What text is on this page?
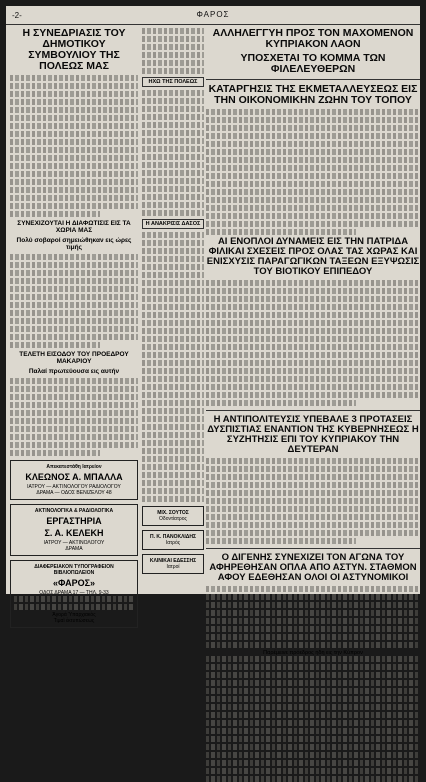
-2-	ΦΑΡΟΣ
Η ΣΥΝΕΔΡΙΑΣΙΣ ΤΟΥ ΔΗΜΟΤΙΚΟΥ ΣΥΜΒΟΥΛΙΟΥ ΤΗΣ ΠΟΛΕΩΣ ΜΑΣ
ΣΥΝΕΧΙΖΟΥΤΑΙ Η ΔΙΑΦΩΤΙΣΙΣ ΕΙΣ ΤΑ ΧΩΡΙΑ ΜΑΣ
Πολύ σοβαροί σημειώθηκαν εις ώρες τιμής
ΤΕΛΕΤΗ ΕΙΣΟΔΟΥ ΤΟΥ ΠΡΟΕΔΡΟΥ ΜΑΚΑΡΙΟΥ
Παλαί πρωτεύουσα εις αυτήν
Απεκατεστάθη Ιατρείον
ΚΛΕΩΝΟΣ Α. ΜΠΑΛΛΑ
ΙΑΤΡΟΥ — ΑΚΤΙΝΟΛΟΓΟΥ ΡΑΔΙΟΛΟΓΟΥ
ΔΡΑΜΑ — ΟΔΟΣ ΒΕΝΙΖΕΛΟΥ 48
ΑΚΤΙΝΟΛΟΓΙΚΑ & ΡΑΔΙΟΛΟΓΙΚΑ
ΕΡΓΑΣΤΗΡΙΑ
Σ. Α. ΚΕΛΕΚΗ
ΙΑΤΡΟΥ — ΑΚΤΙΝΟΛΟΓΟΥ
ΔΡΑΜΑ
ΔΙΑΦΕΡΕΙΑΚΟΝ ΤΥΠΟΓΡΑΦΕΙΟΝ ΒΙΒΛΙΟΠΩΛΕΙΟΝ
«ΦΑΡΟΣ»
ΟΔΟΣ ΔΡΑΜΑ 17 — ΤΗΛ. 9-33
Ἀγορά Ὑπαρχιακὸς
Τιμαὶ ἐκτυπώσεως
ΗΧΩ ΤΗΣ ΠΟΛΕΩΣ
Η ΑΝΑΚΡΙΣΙΣ ΔΑΣΟΣ
ΜΙΧ. ΣΟΥΤΟΣ
Οδοντίατρος
Π. Κ. ΠΑΝΟΚΛΙΔΗΣ
Ιατρός
ΚΛΙΝΙΚΑΙ ΕΔΕΣΣΗΣ
Ιατροί
ΑΛΛΗΛΕΓΓΥΗ ΠΡΟΣ ΤΟΝ ΜΑΧΟΜΕΝΟΝ ΚΥΠΡΙΑΚΟΝ ΛΑΟΝ
ΥΠΟΣΧΕΤΑΙ ΤΟ ΚΟΜΜΑ ΤΩΝ ΦΙΛΕΛΕΥΘΕΡΩΝ
ΚΑΤΑΡΓΗΣΙΣ ΤΗΣ ΕΚΜΕΤΑΛΛΕΥΣΕΩΣ ΕΙΣ ΤΗΝ ΟΙΚΟΝΟΜΙΚΗΝ ΖΩΗΝ ΤΟΥ ΤΟΠΟΥ
ΑΙ ΕΝΟΠΛΟΙ ΔΥΝΑΜΕΙΣ ΕΙΣ ΤΗΝ ΠΑΤΡΙΔΑ ΦΙΛΙΚΑΙ ΣΧΕΣΕΙΣ ΠΡΟΣ ΟΛΑΣ ΤΑΣ ΧΩΡΑΣ ΚΑΙ ΕΝΙΣΧΥΣΙΣ ΠΑΡΑΓΩΓΙΚΩΝ ΤΑΞΕΩΝ ΕΞΥΨΩΣΙΣ ΤΟΥ ΒΙΟΤΙΚΟΥ ΕΠΙΠΕΔΟΥ
Η ΑΝΤΙΠΟΛΙΤΕΥΣΙΣ ΥΠΕΒΑΛΕ 3 ΠΡΟΤΑΣΕΙΣ ΔΥΣΠΙΣΤΙΑΣ ΕΝΑΝΤΙΟΝ ΤΗΣ ΚΥΒΕΡΝΗΣΕΩΣ Η ΣΥΖΗΤΗΣΙΣ ΕΠΙ ΤΟΥ ΚΥΠΡΙΑΚΟΥ ΤΗΝ ΔΕΥΤΕΡΑΝ
Ο ΔΙΓΕΝΗΣ ΣΥΝΕΧΙΖΕΙ ΤΟΝ ΑΓΩΝΑ ΤΟΥ ΑΦΗΡΕΘΗΣΑΝ ΟΠΛΑ ΑΠΟ ΑΣΤΥΝ. ΣΤΑΘΜΟΝ ΑΦΟΥ ΕΔΕΘΗΣΑΝ ΟΛΟΙ ΟΙ ΑΣΤΥΝΟΜΙΚΟΙ
Παρέμεινε πρόεδρος ηδη εις την Κύπρον
